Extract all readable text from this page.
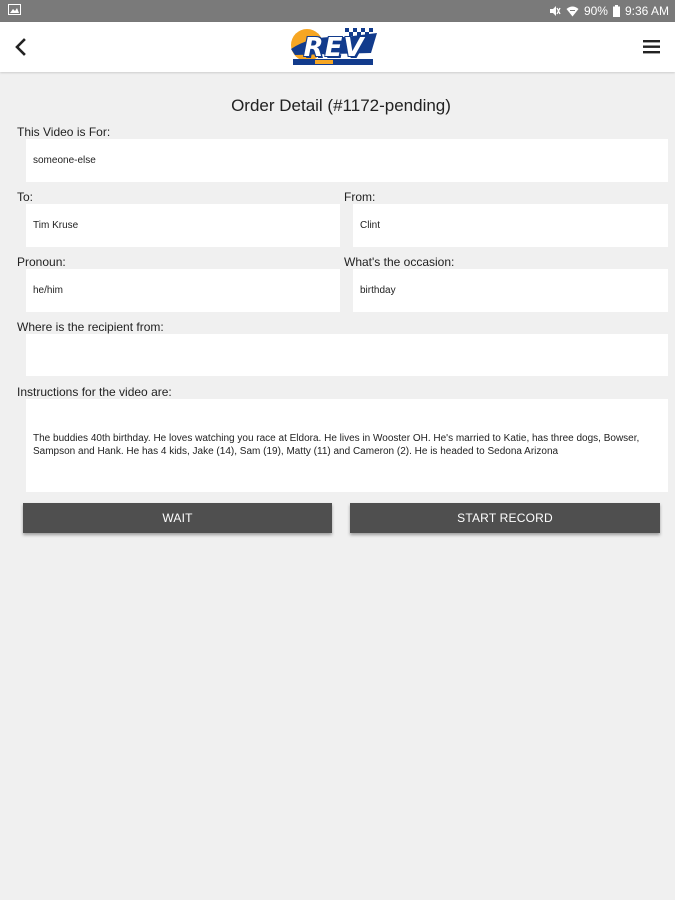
90% 9:36 AM
REV
Order Detail (#1172-pending)
This Video is For:
someone-else
To:
Tim Kruse
From:
Clint
Pronoun:
he/him
What's the occasion:
birthday
Where is the recipient from:
Instructions for the video are:
The buddies 40th birthday. He loves watching you race at Eldora. He lives in Wooster OH. He's married to Katie, has three dogs, Bowser, Sampson and Hank. He has 4 kids, Jake (14), Sam (19), Matty (11) and Cameron (2). He is headed to Sedona Arizona
WAIT	START RECORD
